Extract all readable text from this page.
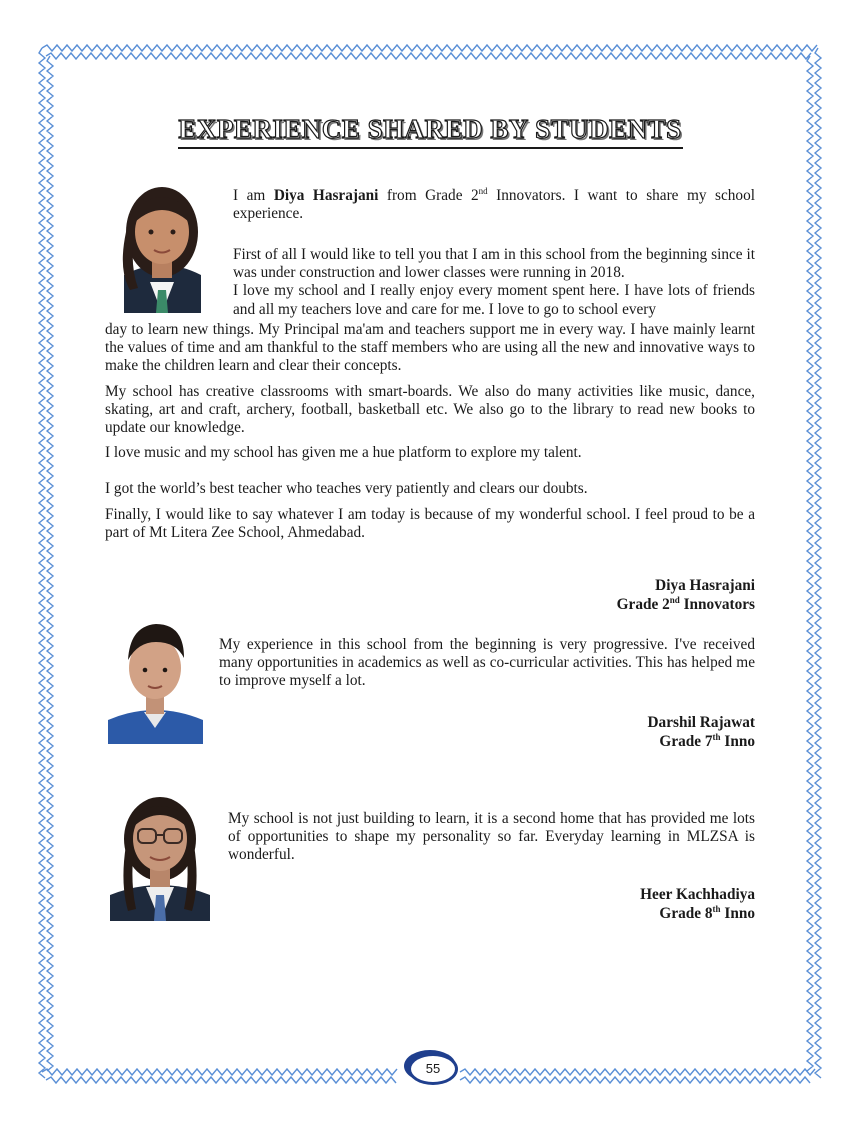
EXPERIENCE SHARED BY STUDENTS
I am Diya Hasrajani from Grade 2nd Innovators. I want to share my school experience.
First of all I would like to tell you that I am in this school from the beginning since it was under construction and lower classes were running in 2018.
I love my school and I really enjoy every moment spent here. I have lots of friends and all my teachers love and care for me. I love to go to school every
day to learn new things. My Principal ma'am and teachers support me in every way. I have mainly learnt the values of time and am thankful to the staff members who are using all the new and innovative ways to make the children learn and clear their concepts.
My school has creative classrooms with smart-boards. We also do many activities like music, dance, skating, art and craft, archery, football, basketball etc. We also go to the library to read new books to update our knowledge.
I love music and my school has given me a hue platform to explore my talent.
I got the world’s best teacher who teaches very patiently and clears our doubts.
Finally, I would like to say whatever I am today is because of my wonderful school. I feel proud to be a part of Mt Litera Zee School, Ahmedabad.
Diya Hasrajani
Grade 2nd Innovators
My experience in this school from the beginning is very progressive. I've received many opportunities in academics as well as co-curricular activities. This has helped me to improve myself a lot.
Darshil Rajawat
Grade 7th Inno
My school is not just building to learn, it is a second home that has provided me lots of opportunities to shape my personality so far. Everyday learning in MLZSA is wonderful.
Heer Kachhadiya
Grade 8th Inno
55
